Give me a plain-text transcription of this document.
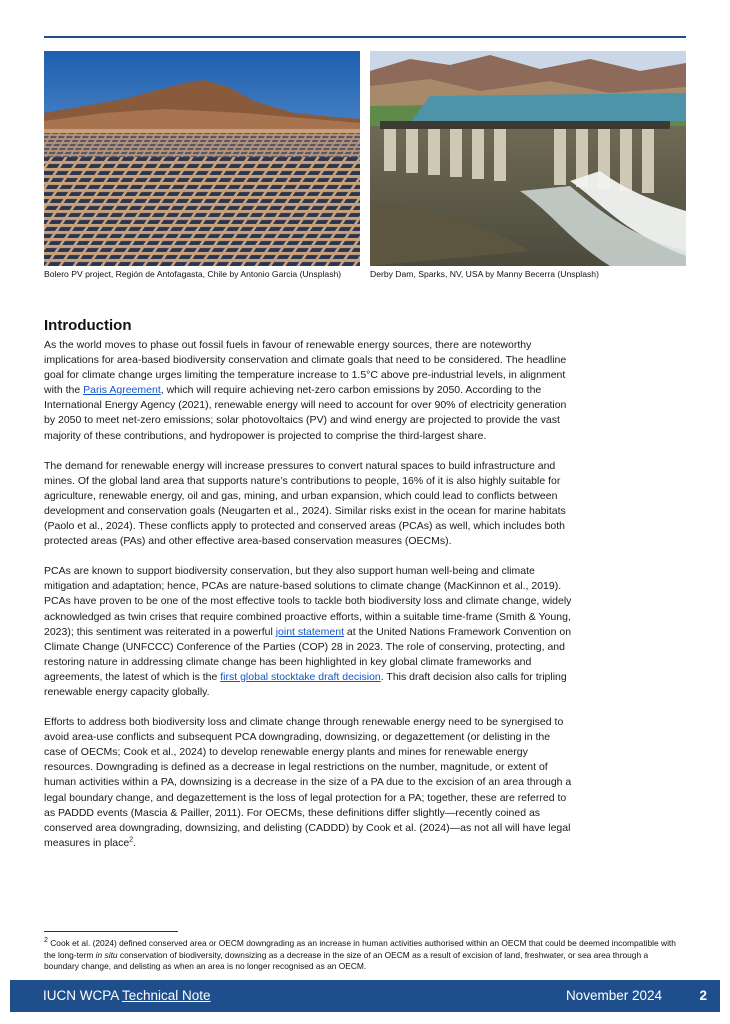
Bolero PV project, Región de Antofagasta, Chile by Antonio Garcia (Unsplash)	Derby Dam, Sparks, NV, USA by Manny Becerra (Unsplash)
Introduction

As the world moves to phase out fossil fuels in favour of renewable energy sources, there are noteworthy implications for area-based biodiversity conservation and climate goals that need to be considered. The headline goal for climate change urges limiting the temperature increase to 1.5°C above pre-industrial levels, in alignment with the Paris Agreement, which will require achieving net-zero carbon emissions by 2050. According to the International Energy Agency (2021), renewable energy will need to account for over 90% of electricity generation by 2050 to meet net-zero emissions; solar photovoltaics (PV) and wind energy are projected to provide the vast majority of these contributions, and hydropower is projected to comprise the third-largest share.

The demand for renewable energy will increase pressures to convert natural spaces to build infrastructure and mines. Of the global land area that supports nature’s contributions to people, 16% of it is also highly suitable for agriculture, renewable energy, oil and gas, mining, and urban expansion, which could lead to conflicts between development and conservation goals (Neugarten et al., 2024). Similar risks exist in the ocean for marine habitats (Paolo et al., 2024). These conflicts apply to protected and conserved areas (PCAs) as well, which includes both protected areas (PAs) and other effective area-based conservation measures (OECMs).

PCAs are known to support biodiversity conservation, but they also support human well-being and climate mitigation and adaptation; hence, PCAs are nature-based solutions to climate change (MacKinnon et al., 2019). PCAs have proven to be one of the most effective tools to tackle both biodiversity loss and climate change, widely acknowledged as twin crises that require combined proactive efforts, within a suitable time-frame (Smith & Young, 2023); this sentiment was reiterated in a powerful joint statement at the United Nations Framework Convention on Climate Change (UNFCCC) Conference of the Parties (COP) 28 in 2023. The role of conserving, protecting, and restoring nature in addressing climate change has been highlighted in key global climate frameworks and agreements, the latest of which is the first global stocktake draft decision. This draft decision also calls for tripling renewable energy capacity globally.

Efforts to address both biodiversity loss and climate change through renewable energy need to be synergised to avoid area-use conflicts and subsequent PCA downgrading, downsizing, or degazettement (or delisting in the case of OECMs; Cook et al., 2024) to develop renewable energy plants and mines for renewable energy resources. Downgrading is defined as a decrease in legal restrictions on the number, magnitude, or extent of human activities within a PA, downsizing is a decrease in the size of a PA due to the excision of an area through a legal boundary change, and degazettement is the loss of legal protection for a PA; together, these are referred to as PADDD events (Mascia & Pailler, 2011). For OECMs, these definitions differ slightly—recently coined as conserved area downgrading, downsizing, and delisting (CADDD) by Cook et al. (2024)—as not all will have legal measures in place$^2$.

$^2$ Cook et al. (2024) defined conserved area or OECM downgrading as an increase in human activities authorised within an OECM that could be deemed incompatible with the long-term in situ conservation of biodiversity, downsizing as a decrease in the size of an OECM as a result of excision of land, freshwater, or sea area through a boundary change, and delisting as when an area is no longer recognised as an OECM.
IUCN WCPA Technical Note	November 2024	2
